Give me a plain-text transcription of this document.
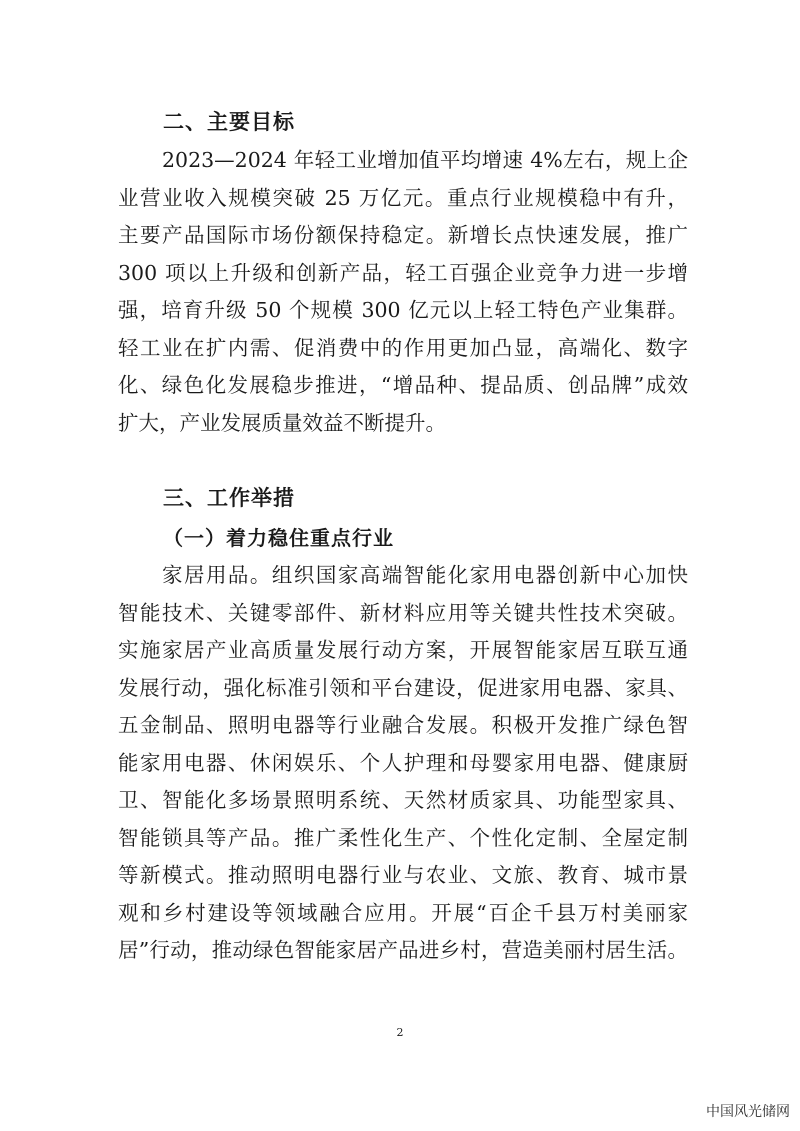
二、主要目标
2023—2024 年轻工业增加值平均增速 4%左右，规上企
业营业收入规模突破 25 万亿元。重点行业规模稳中有升，
主要产品国际市场份额保持稳定。新增长点快速发展，推广
300 项以上升级和创新产品，轻工百强企业竞争力进一步增
强，培育升级 50 个规模 300 亿元以上轻工特色产业集群。
轻工业在扩内需、促消费中的作用更加凸显，高端化、数字
化、绿色化发展稳步推进，“增品种、提品质、创品牌”成效
扩大，产业发展质量效益不断提升。
三、工作举措
（一）着力稳住重点行业
家居用品。组织国家高端智能化家用电器创新中心加快
智能技术、关键零部件、新材料应用等关键共性技术突破。
实施家居产业高质量发展行动方案，开展智能家居互联互通
发展行动，强化标准引领和平台建设，促进家用电器、家具、
五金制品、照明电器等行业融合发展。积极开发推广绿色智
能家用电器、休闲娱乐、个人护理和母婴家用电器、健康厨
卫、智能化多场景照明系统、天然材质家具、功能型家具、
智能锁具等产品。推广柔性化生产、个性化定制、全屋定制
等新模式。推动照明电器行业与农业、文旅、教育、城市景
观和乡村建设等领域融合应用。开展“百企千县万村美丽家
居”行动，推动绿色智能家居产品进乡村，营造美丽村居生活。
2
中国风光储网
